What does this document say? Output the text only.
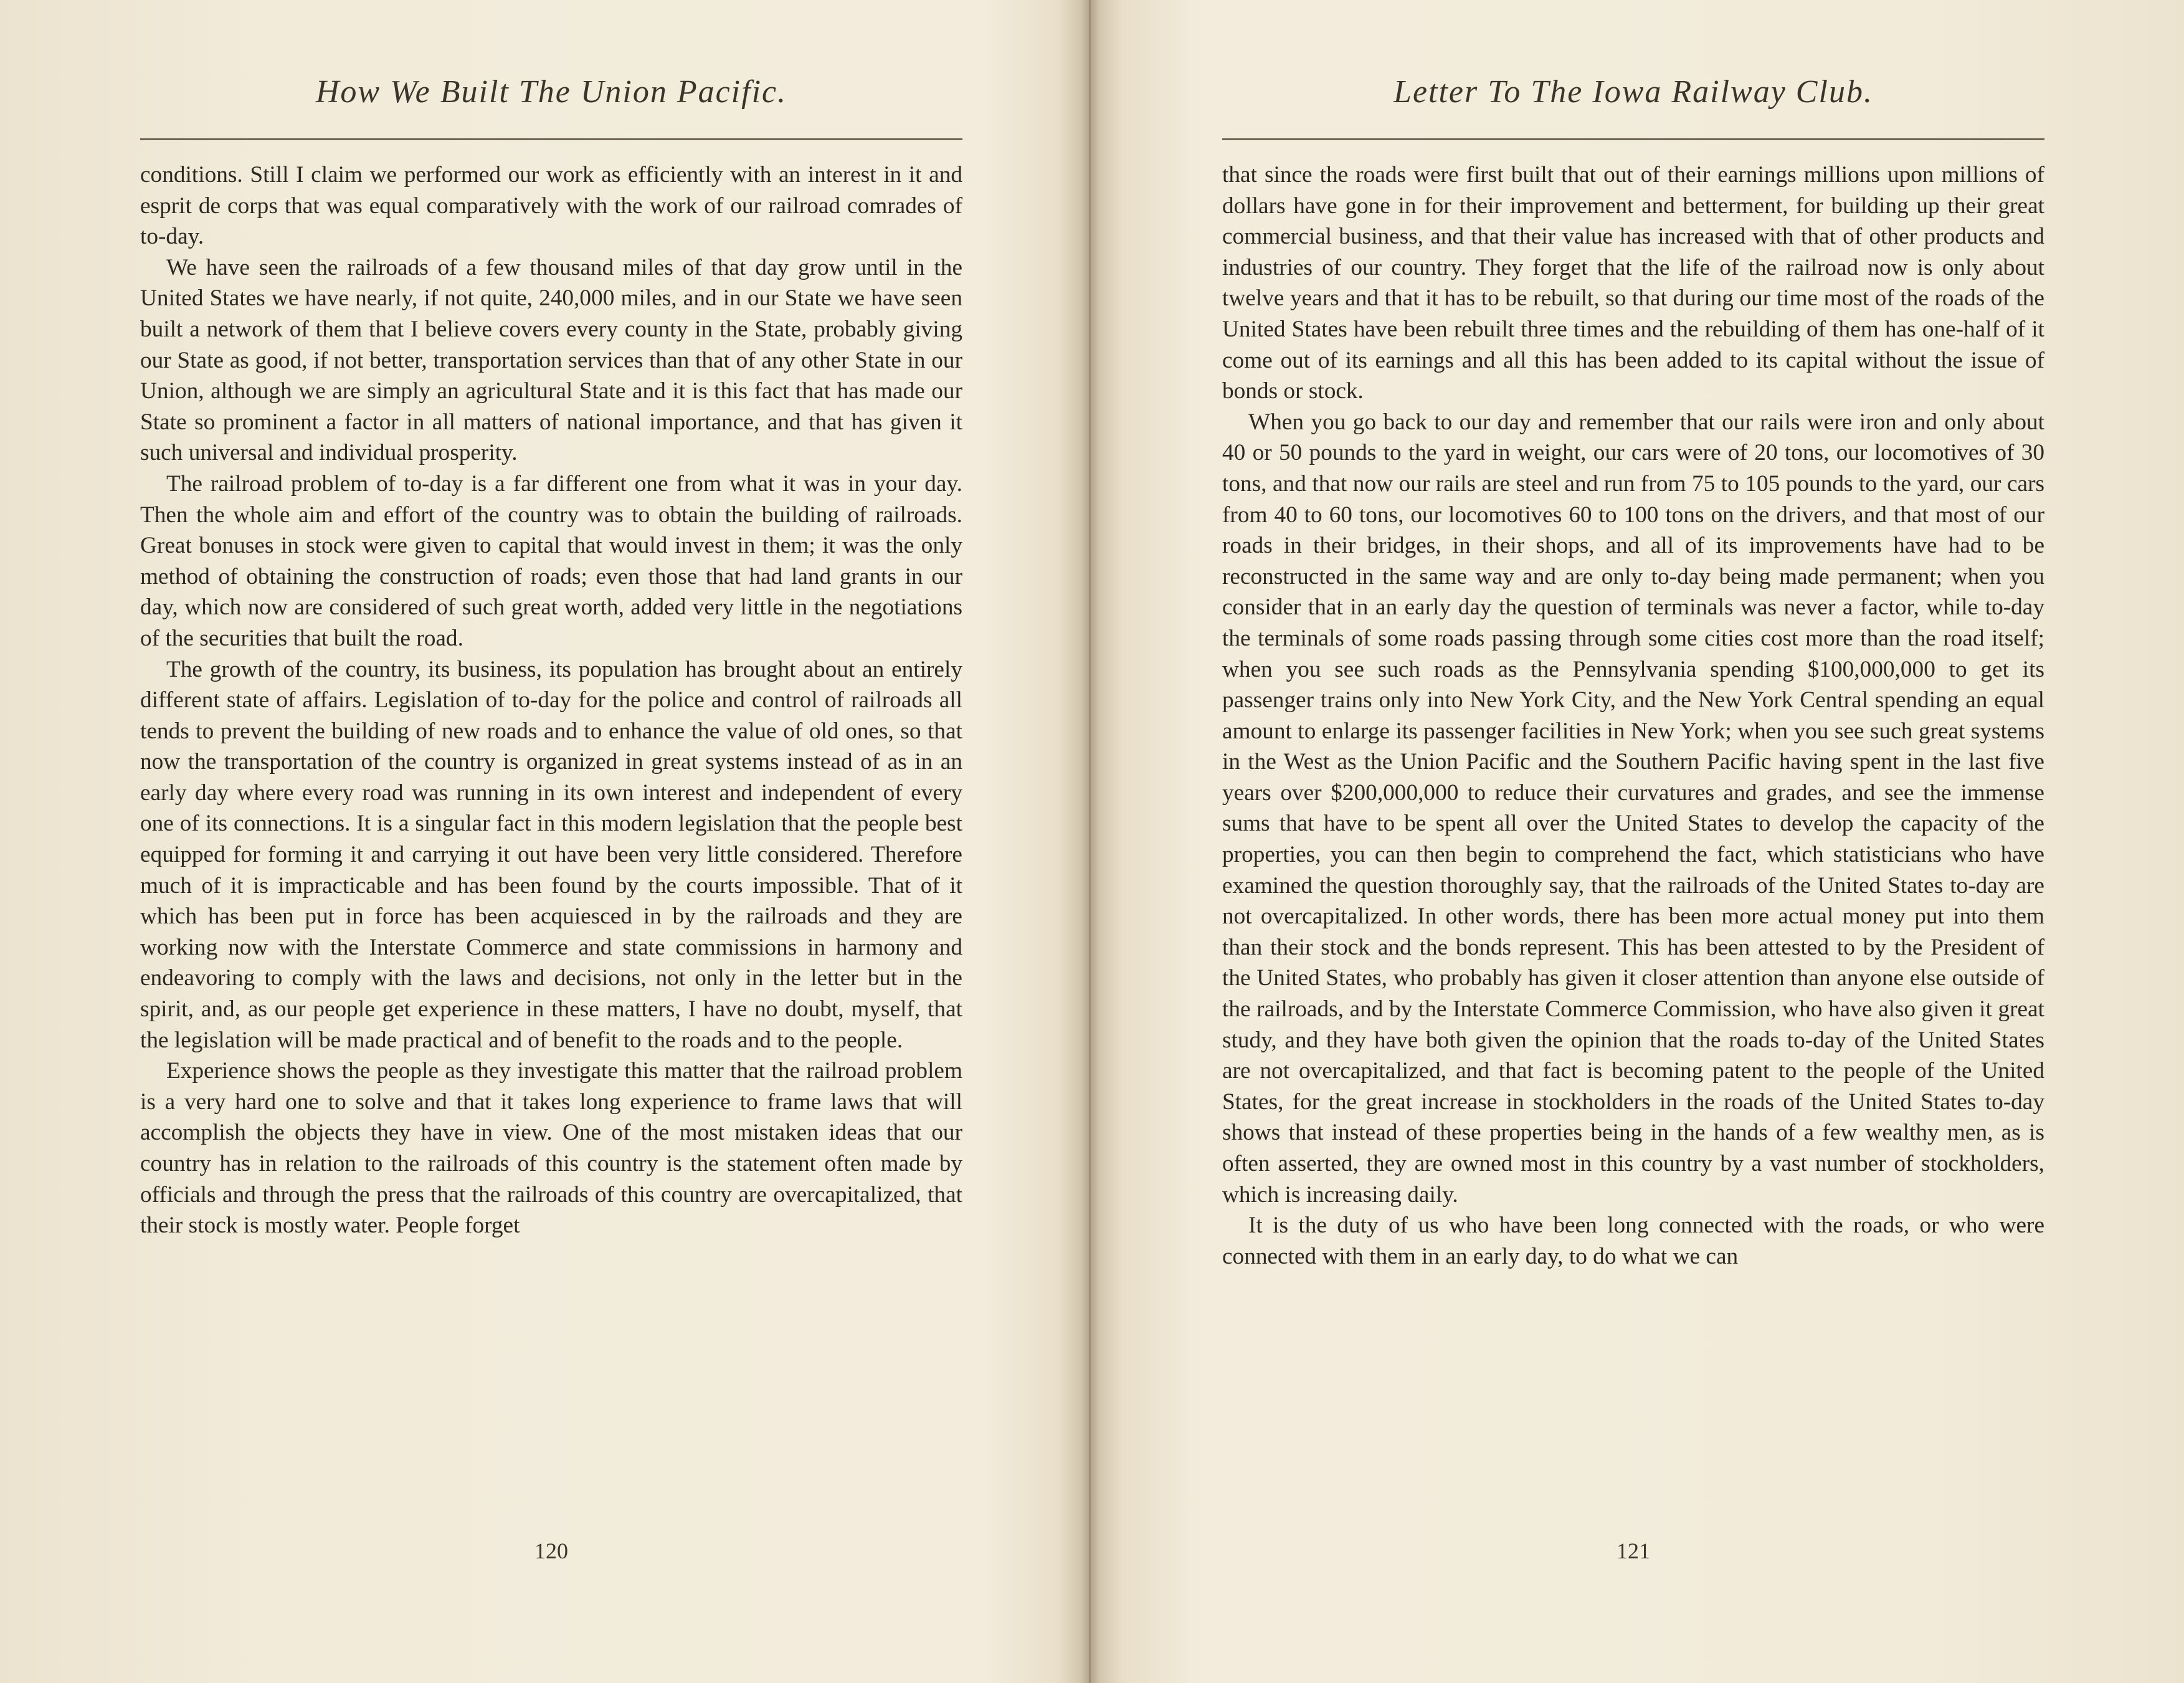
How We Built The Union Pacific.

conditions. Still I claim we performed our work as efficiently with an interest in it and esprit de corps that was equal comparatively with the work of our railroad comrades of to-day.

We have seen the railroads of a few thousand miles of that day grow until in the United States we have nearly, if not quite, 240,000 miles, and in our State we have seen built a network of them that I believe covers every county in the State, probably giving our State as good, if not better, transportation services than that of any other State in our Union, although we are simply an agricultural State and it is this fact that has made our State so prominent a factor in all matters of national importance, and that has given it such universal and individual prosperity.

The railroad problem of to-day is a far different one from what it was in your day. Then the whole aim and effort of the country was to obtain the building of railroads. Great bonuses in stock were given to capital that would invest in them; it was the only method of obtaining the construction of roads; even those that had land grants in our day, which now are considered of such great worth, added very little in the negotiations of the securities that built the road.

The growth of the country, its business, its population has brought about an entirely different state of affairs. Legislation of to-day for the police and control of railroads all tends to prevent the building of new roads and to enhance the value of old ones, so that now the transportation of the country is organized in great systems instead of as in an early day where every road was running in its own interest and independent of every one of its connections. It is a singular fact in this modern legislation that the people best equipped for forming it and carrying it out have been very little considered. Therefore much of it is impracticable and has been found by the courts impossible. That of it which has been put in force has been acquiesced in by the railroads and they are working now with the Interstate Commerce and state commissions in harmony and endeavoring to comply with the laws and decisions, not only in the letter but in the spirit, and, as our people get experience in these matters, I have no doubt, myself, that the legislation will be made practical and of benefit to the roads and to the people.

Experience shows the people as they investigate this matter that the railroad problem is a very hard one to solve and that it takes long experience to frame laws that will accomplish the objects they have in view. One of the most mistaken ideas that our country has in relation to the railroads of this country is the statement often made by officials and through the press that the railroads of this country are overcapitalized, that their stock is mostly water. People forget

120
Letter To The Iowa Railway Club.

that since the roads were first built that out of their earnings millions upon millions of dollars have gone in for their improvement and betterment, for building up their great commercial business, and that their value has increased with that of other products and industries of our country. They forget that the life of the railroad now is only about twelve years and that it has to be rebuilt, so that during our time most of the roads of the United States have been rebuilt three times and the rebuilding of them has one-half of it come out of its earnings and all this has been added to its capital without the issue of bonds or stock.

When you go back to our day and remember that our rails were iron and only about 40 or 50 pounds to the yard in weight, our cars were of 20 tons, our locomotives of 30 tons, and that now our rails are steel and run from 75 to 105 pounds to the yard, our cars from 40 to 60 tons, our locomotives 60 to 100 tons on the drivers, and that most of our roads in their bridges, in their shops, and all of its improvements have had to be reconstructed in the same way and are only to-day being made permanent; when you consider that in an early day the question of terminals was never a factor, while to-day the terminals of some roads passing through some cities cost more than the road itself; when you see such roads as the Pennsylvania spending $100,000,000 to get its passenger trains only into New York City, and the New York Central spending an equal amount to enlarge its passenger facilities in New York; when you see such great systems in the West as the Union Pacific and the Southern Pacific having spent in the last five years over $200,000,000 to reduce their curvatures and grades, and see the immense sums that have to be spent all over the United States to develop the capacity of the properties, you can then begin to comprehend the fact, which statisticians who have examined the question thoroughly say, that the railroads of the United States to-day are not overcapitalized. In other words, there has been more actual money put into them than their stock and the bonds represent. This has been attested to by the President of the United States, who probably has given it closer attention than anyone else outside of the railroads, and by the Interstate Commerce Commission, who have also given it great study, and they have both given the opinion that the roads to-day of the United States are not overcapitalized, and that fact is becoming patent to the people of the United States, for the great increase in stockholders in the roads of the United States to-day shows that instead of these properties being in the hands of a few wealthy men, as is often asserted, they are owned most in this country by a vast number of stockholders, which is increasing daily.

It is the duty of us who have been long connected with the roads, or who were connected with them in an early day, to do what we can

121
